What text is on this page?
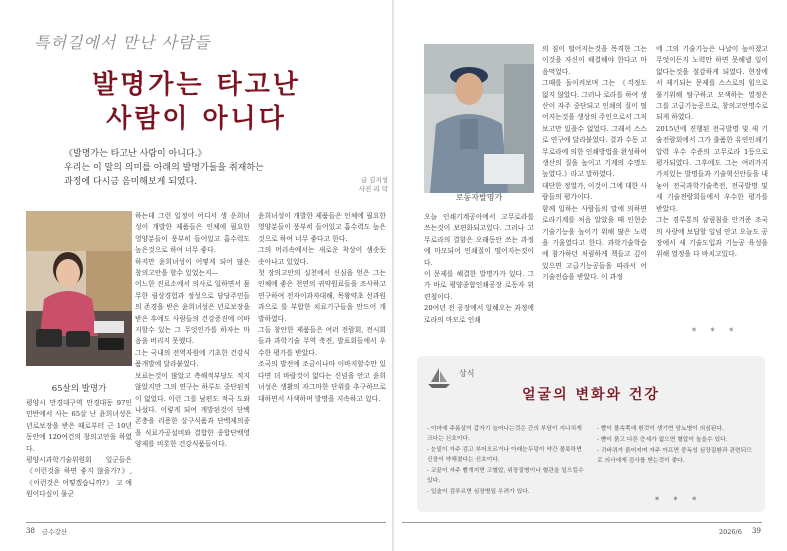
특허길에서 만난 사람들
발명가는 타고난
사람이 아니다
《발명가는 타고난 사람이 아니다.》
우리는 이 말의 의미를 아래의 발명가들을 취재하는
과정에 다시금 음미해보게 되였다.	글 김지성
사진 리 덕
65살의 발명가

하는데 그런 일정이 어디서 생 운희녀성이 개발한 제품들은 인체에 필요한 영양분들이 풍부히 들어있고 흡수력도 높은것으로 하여 너무 좋다.

하지만 윤희녀성이 어떻게 되어 많은 창의고안을 할수 있었는지—

어느한 진료소에서 의사로 일하면서 몸무한 림상경험과 정성으로 담당주민들의 존경을 받은 윤희녀성은 년로보장을 받은 후에도 사람들의 건강증진에 이바지할수 있는 그 무엇인가를 하자는 마음을 버리지 못했다.

그는 국내의 전역자원에 기초한 건강식품개발에 달라붙었다.

보료는것이 많았고 측해적부당도 적지 않았지만 그의 연구는 하루도 중단된적이 없었다. 이런 그를 남편도 적극 도와나섰다. 이렇게 되여 개발된것이 단백콘충을 리용한 살구식품과 단백제의종을 식료가공설비와 결합한 종합단백영양제를 비롯한 건강식품들이다.

평양시 만경대구역 만경대동 97인민반에서 사는 65살 난 윤희녀성은 년로보장을 받은 때로부터 근 10년동안에 120여건의 창의고안을 하였다.

평양시과학기술위원회 일군들은 《이런것을 하면 좋지 않을가?》, 《이런것은 어떻겠습니까?》 고 애원이다싶이 물군

윤희녀성이 개발한 제품들은 인체에 필요한 영양분들이 풍부히 들어있고 흡수력도 높은것으로 하여 너무 좋다고 한다.

그의 머리속에서는 새로운 착상이 샘솟듯 솟아나고 있었다.

첫 장의고안의 실천에서 신심을 얻은 그는 인체에 좋은 천연의 귀약원료들을 조사하고 연구하여 전자이과자대해, 목왕약초 선과원과으로 를 부합한 치료기구들을 만드어 개발하였다.

그들 창안한 제품들은 여러 전람회, 전시회들과 과학기술 무역 축전, 발표회들에서 우수한 평가를 받았다.

조국의 발전에 조금이나마 이바지할수만 있다면 더 바랄것이 없다는 신념을 안고 윤희녀성은 생활의 자그마한 단위를 추구하므로 대하면서 사색하며 발명을 지속하고 있다.

38 금수강산
로동자발명가

오늘 인쇄기계공아에서 고무로라를 쓰는것이 보편화되고있다. 그러나 고무로라의 결함은 오래동안 쓰는 과정에 마모되어 인쇄질이 떨어지는것이다.

이 문제를 해결한 발명가가 있다. 그가 바로 평양종합인쇄공장 로동자 위련철이다.

20여년 전 공장에서 일해오는 과정에 로라의 마모로 인쇄

의 짐이 떨어지는것을 목격한 그는 이것을 자신이 해결해야 한다고 마음먹었다.

그때를 돌이켜보며 그는 《걱정도 없지 않았다. 그러나 로라를 하여 생산이 자주 중단되고 인쇄의 질이 떨어지는것을 생상의 주인으로서 그저 보고만 있을수 없었다. 그래서 스스로 연구에 달라붙었다. 결과 수동 고무로라에 의한 인쇄방법을 완성하여 생산의 질을 높이고 기계의 수명도 높였다.》라고 말하였다.

대단한 정열가, 이것이 그에 대한 사람들의 평가이다.

함께 일하는 사람들의 말에 의하면 로라기계를 처음 알았을 때 인현순 기술기능을 높이기 위해 많은 노력을 기울였다고 한다. 과학기술학습에 참가하던 처림하게 책들고 깊이 있으면 고급기능공들을 따라서 어 기술전습을 받았다. 이 과정

에 그의 기술기능은 나날이 높아졌고 무엇이든지 노력만 하면 못해낼 일이 없다는것을 절감하게 되였다. 현장에서 제기되는 문제를 스스로의 힘으로 풀기위해 탐구하고 모색하는 열정은 그를 고급기능공으로, 창의고안명수로 되게 하였다.

2015년에 진행된 전국발명 및 새 기술전람회에서 그가 출품한 유연인쇄기 압력 우수 수준의 고무로라 1등으로 평가되였다. 그후에도 그는 여러가지 가치있는 발명들과 기술혁신안들을 내놓아 전국과학기술축전, 전국발명 및 새 기술전람회들에서 우수한 평가를 받았다.

그는 경루통의 삼림침을 안겨준 조국의 사랑에 보답할 일념 안고 오늘도 공장에서 새 기술도입과 기능공 육성을 위해 열정을 다 바치고있다.

* * *
상식
얼굴의 변화와 건강

- 이마에 주름살이 갑자기 늘어나는것은 간의 부담이 지나치게 크다는 신호이다.

- 눈밑이 자주 검고 부어오르거나 아래눈두덩이 약간 볼룩하면 신장이 약해졌다는 신호이다.

- 코끝이 자주 빨개지면 고혈압, 위장질병이나 혈관을 일으킬수 있다.

- 입술이 검푸르면 심장병일 우려가 있다.

- 빨이 볼속쪽에 흰것이 생기면 당뇨병이 의심된다.

- 뺨이 붉고 다른 증세가 없으면 혈압이 높을수 있다.

- 귀바퀴가 붉어지며 자주 아프면 중독성 심장질환과 관련되므로 의사에게 검사를 받는것이 좋다.

* * *
2026/6 39
